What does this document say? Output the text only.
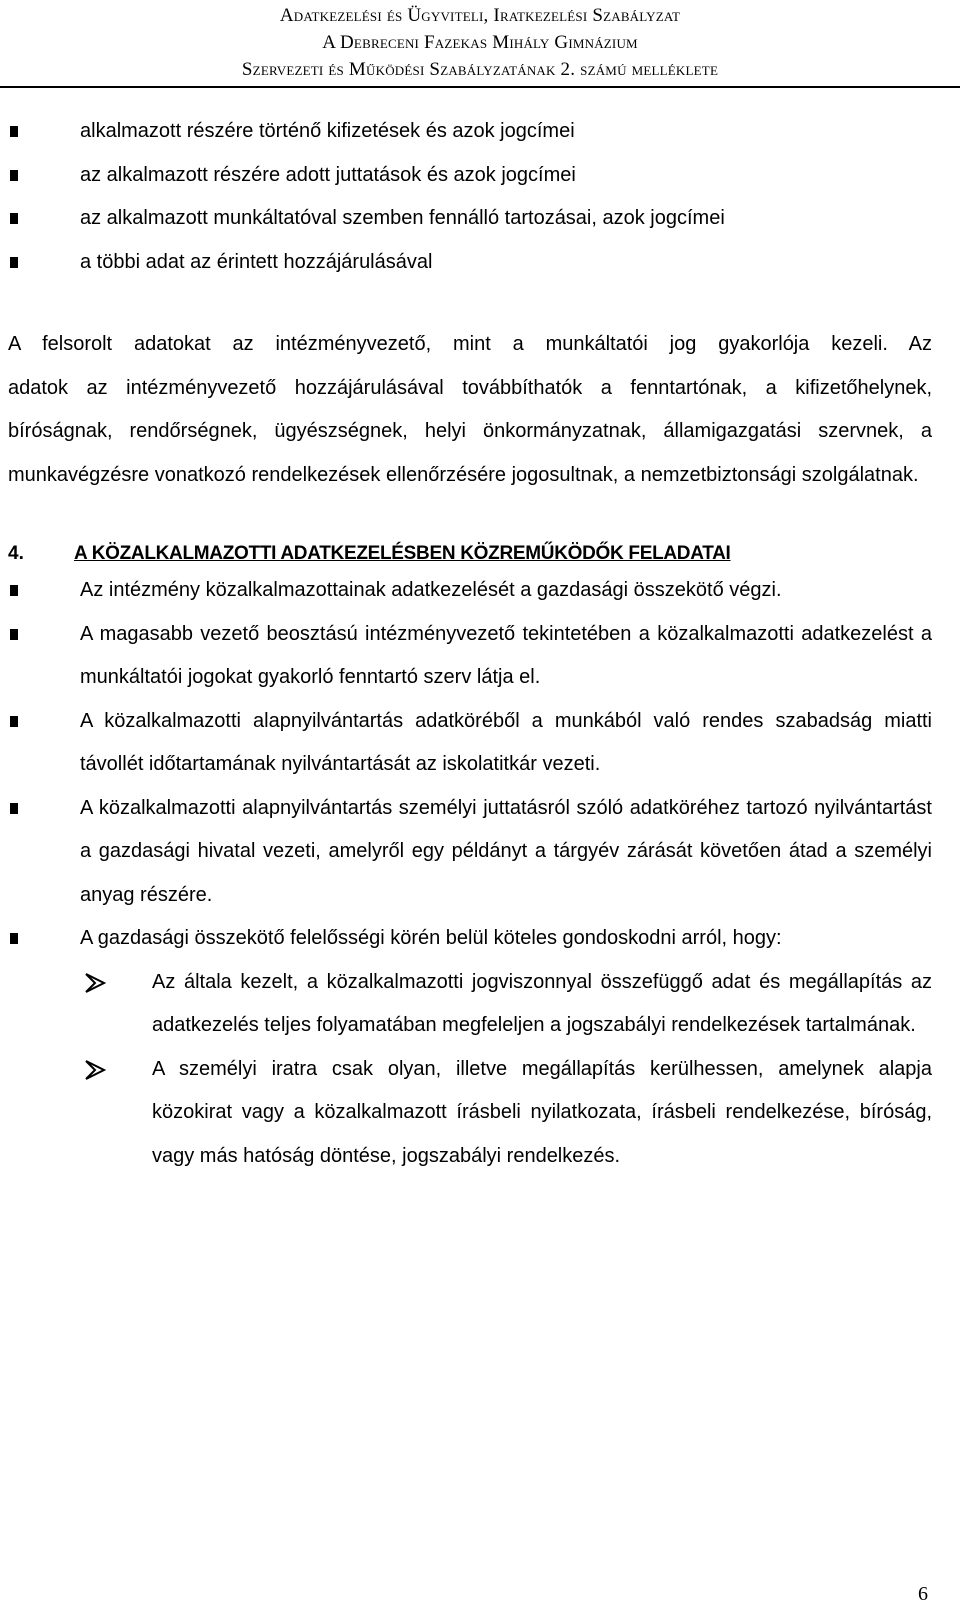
Adatkezelési és Ügyviteli, Iratkezelési Szabályzat
A Debreceni Fazekas Mihály Gimnázium
Szervezeti és Működési Szabályzatának 2. számú melléklete
alkalmazott részére történő kifizetések és azok jogcímei
az alkalmazott részére adott juttatások és azok jogcímei
az alkalmazott munkáltatóval szemben fennálló tartozásai, azok jogcímei
a többi adat az érintett hozzájárulásával

A felsorolt adatokat az intézményvezető, mint a munkáltatói jog gyakorlója kezeli. Az

adatok az intézményvezető hozzájárulásával továbbíthatók a fenntartónak, a kifizetőhelynek, bíróságnak, rendőrségnek, ügyészségnek, helyi önkormányzatnak, államigazgatási szervnek, a munkavégzésre vonatkozó rendelkezések ellenőrzésére jogosultnak, a nemzetbiztonsági szolgálatnak.

4.	A KÖZALKALMAZOTTI ADATKEZELÉSBEN KÖZREMŰKÖDŐK FELADATAI
Az intézmény közalkalmazottainak adatkezelését a gazdasági összekötő végzi.
A magasabb vezető beosztású intézményvezető tekintetében a közalkalmazotti adatkezelést a munkáltatói jogokat gyakorló fenntartó szerv látja el.
A közalkalmazotti alapnyilvántartás adatköréből a munkából való rendes szabadság miatti távollét időtartamának nyilvántartását az iskolatitkár vezeti.
A közalkalmazotti alapnyilvántartás személyi juttatásról szóló adatköréhez tartozó nyilvántartást a gazdasági hivatal vezeti, amelyről egy példányt a tárgyév zárását követően átad a személyi anyag részére.
A gazdasági összekötő felelősségi körén belül köteles gondoskodni arról, hogy:
Az általa kezelt, a közalkalmazotti jogviszonnyal összefüggő adat és megállapítás az adatkezelés teljes folyamatában megfeleljen a jogszabályi rendelkezések tartalmának.
A személyi iratra csak olyan, illetve megállapítás kerülhessen, amelynek alapja közokirat vagy a közalkalmazott írásbeli nyilatkozata, írásbeli rendelkezése, bíróság, vagy más hatóság döntése, jogszabályi rendelkezés.
6
